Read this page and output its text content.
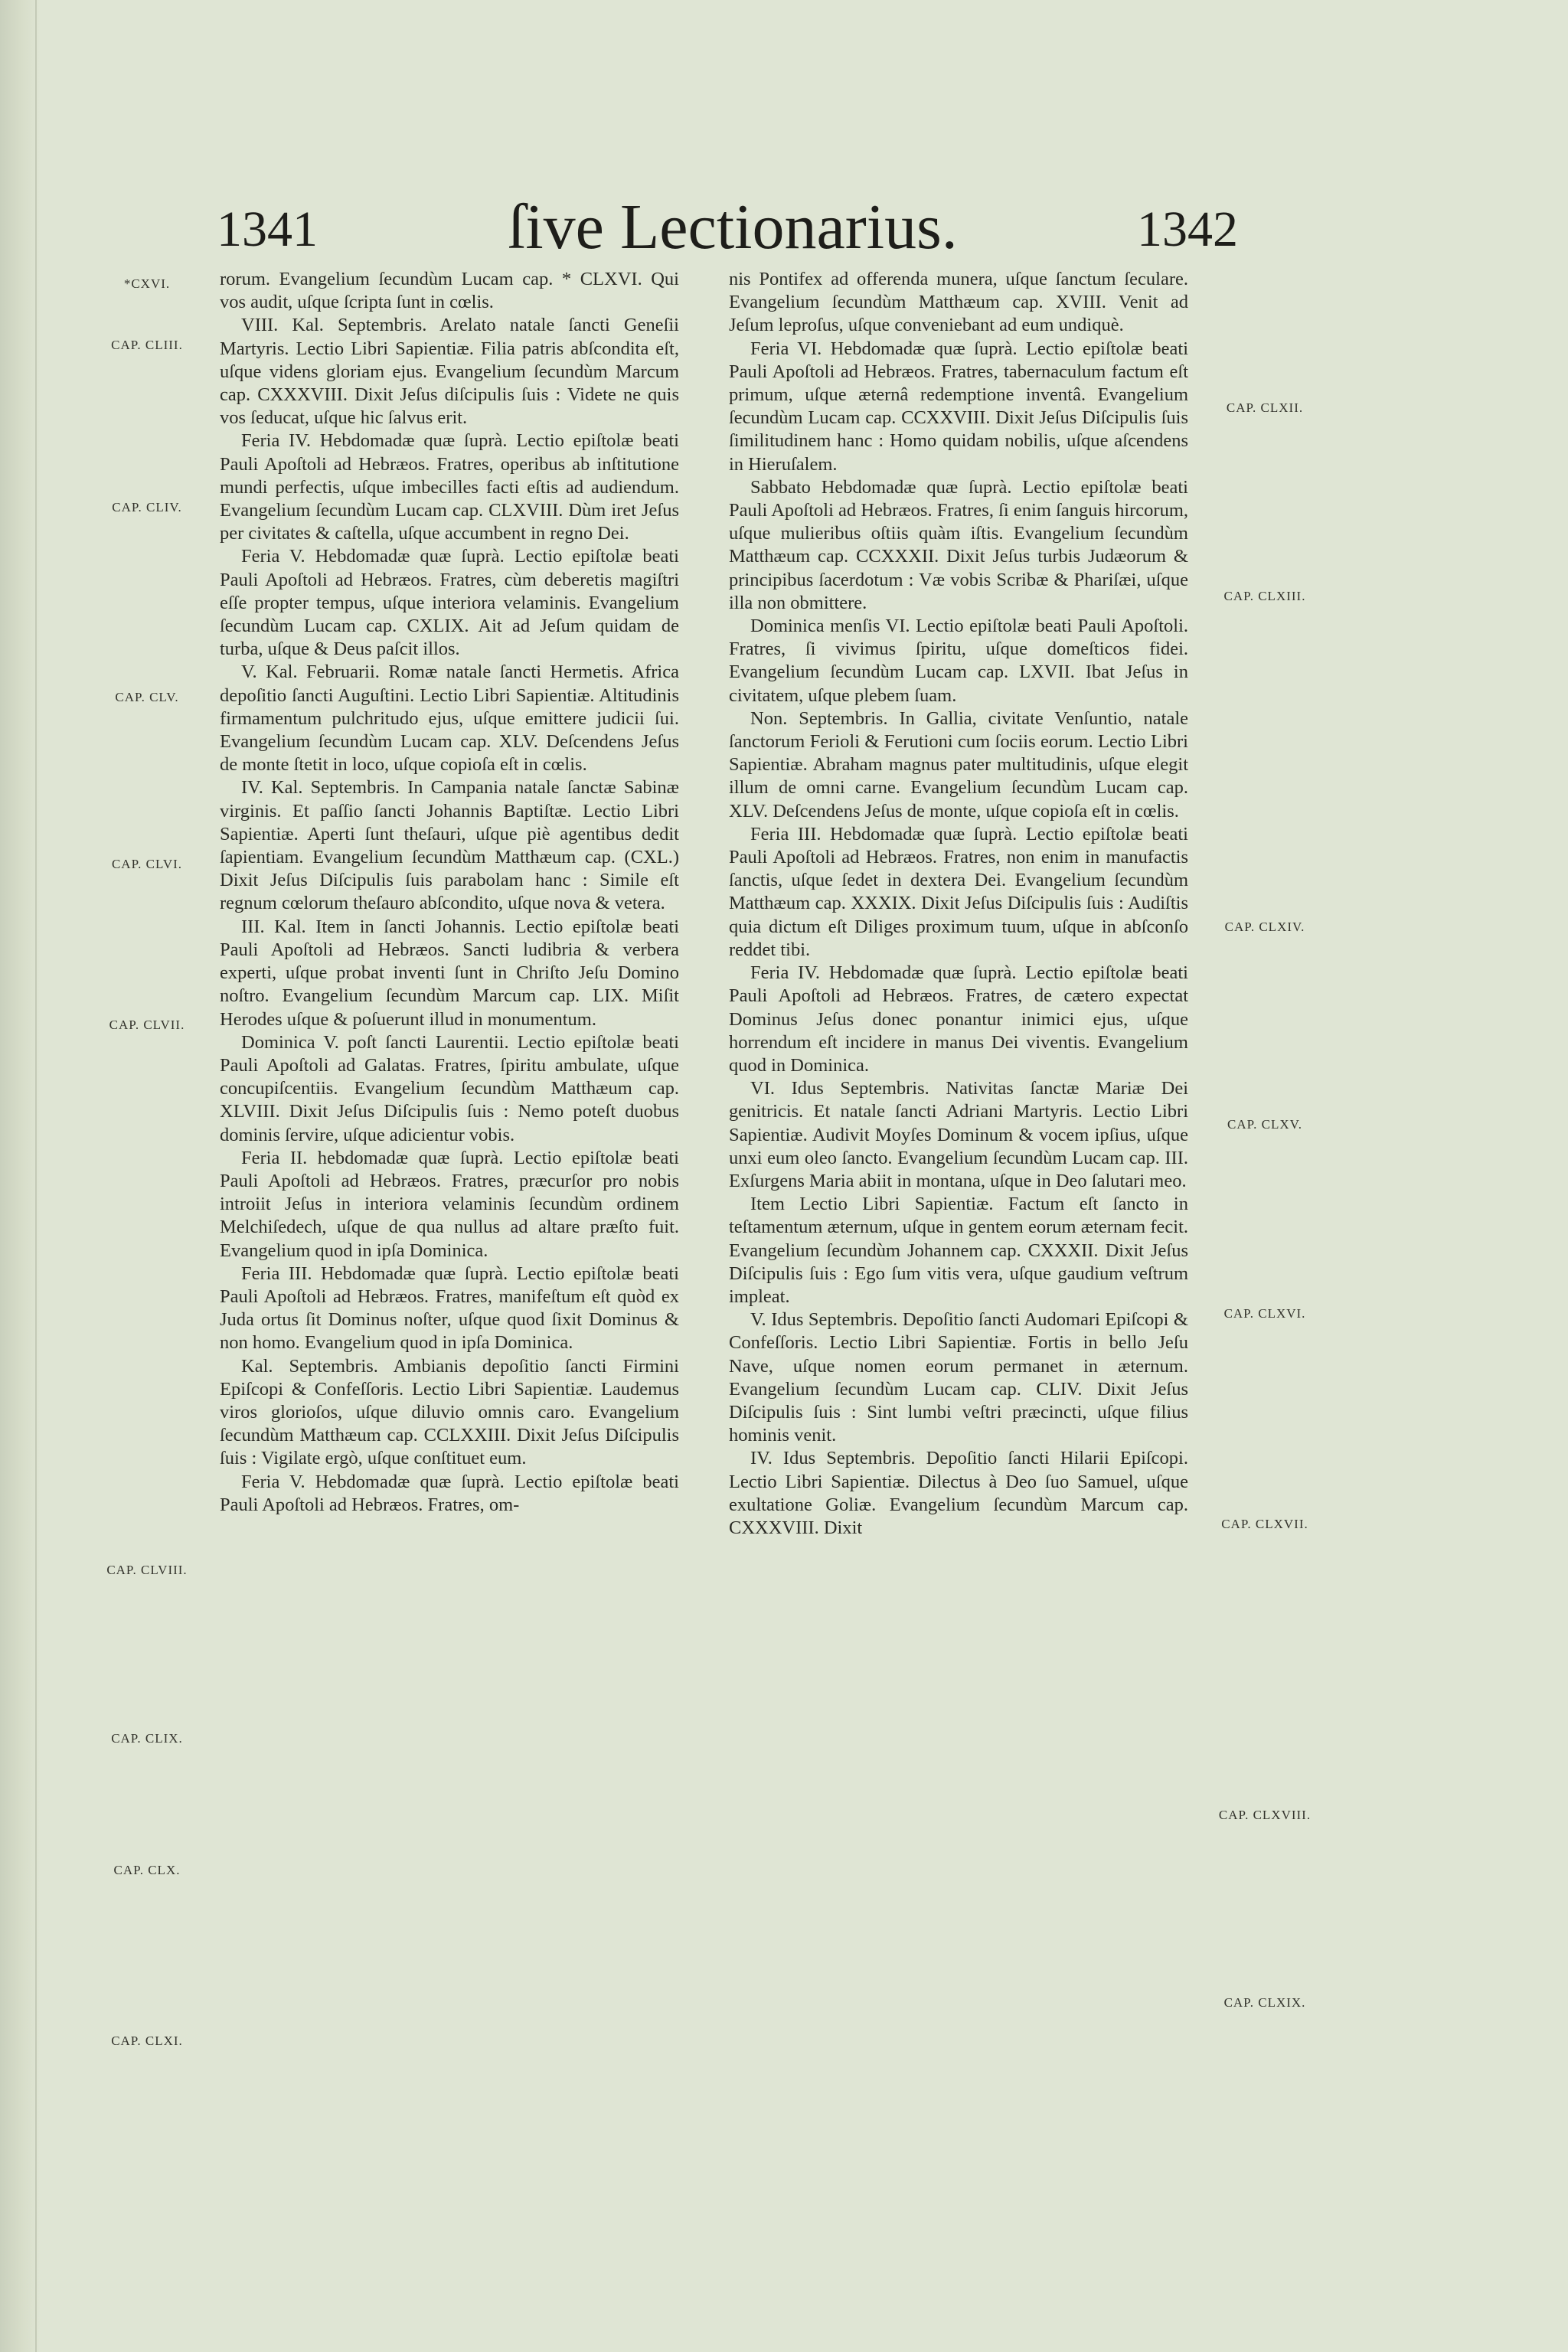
1341	ſive Lectionarius.	1342
*CXVI.
CAP. CLIII.
CAP. CLIV.
CAP. CLV.
CAP. CLVI.
CAP. CLVII.
CAP. CLVIII.
CAP. CLIX.
CAP. CLX.
CAP. CLXI.
CAP. CLXII.
CAP. CLXIII.
CAP. CLXIV.
CAP. CLXV.
CAP. CLXVI.
CAP. CLXVII.
CAP. CLXVIII.
CAP. CLXIX.

rorum. Evangelium ſecundùm Lucam cap. * CLXVI. Qui vos audit, uſque ſcripta ſunt in cœlis.

VIII. Kal. Septembris. Arelato natale ſancti Geneſii Martyris. Lectio Libri Sapientiæ. Filia patris abſcondita eſt, uſque videns gloriam ejus. Evangelium ſecundùm Marcum cap. CXXXVIII. Dixit Jeſus diſcipulis ſuis : Videte ne quis vos ſeducat, uſque hic ſalvus erit.

Feria IV. Hebdomadæ quæ ſuprà. Lectio epiſtolæ beati Pauli Apoſtoli ad Hebræos. Fratres, operibus ab inſtitutione mundi perfectis, uſque imbecilles facti eſtis ad audiendum. Evangelium ſecundùm Lucam cap. CLXVIII. Dùm iret Jeſus per civitates & caſtella, uſque accumbent in regno Dei.

Feria V. Hebdomadæ quæ ſuprà. Lectio epiſtolæ beati Pauli Apoſtoli ad Hebræos. Fratres, cùm deberetis magiſtri eſſe propter tempus, uſque interiora velaminis. Evangelium ſecundùm Lucam cap. CXLIX. Ait ad Jeſum quidam de turba, uſque & Deus paſcit illos.

V. Kal. Februarii. Romæ natale ſancti Hermetis. Africa depoſitio ſancti Auguſtini. Lectio Libri Sapientiæ. Altitudinis firmamentum pulchritudo ejus, uſque emittere judicii ſui. Evangelium ſecundùm Lucam cap. XLV. Deſcendens Jeſus de monte ſtetit in loco, uſque copioſa eſt in cœlis.

IV. Kal. Septembris. In Campania natale ſanctæ Sabinæ virginis. Et paſſio ſancti Johannis Baptiſtæ. Lectio Libri Sapientiæ. Aperti ſunt theſauri, uſque piè agentibus dedit ſapientiam. Evangelium ſecundùm Matthæum cap. (CXL.) Dixit Jeſus Diſcipulis ſuis parabolam hanc : Simile eſt regnum cœlorum theſauro abſcondito, uſque nova & vetera.

III. Kal. Item in ſancti Johannis. Lectio epiſtolæ beati Pauli Apoſtoli ad Hebræos. Sancti ludibria & verbera experti, uſque probat inventi ſunt in Chriſto Jeſu Domino noſtro. Evangelium ſecundùm Marcum cap. LIX. Miſit Herodes uſque & poſuerunt illud in monumentum.

Dominica V. poſt ſancti Laurentii. Lectio epiſtolæ beati Pauli Apoſtoli ad Galatas. Fratres, ſpiritu ambulate, uſque concupiſcentiis. Evangelium ſecundùm Matthæum cap. XLVIII. Dixit Jeſus Diſcipulis ſuis : Nemo poteſt duobus dominis ſervire, uſque adicientur vobis.

Feria II. hebdomadæ quæ ſuprà. Lectio epiſtolæ beati Pauli Apoſtoli ad Hebræos. Fratres, præcurſor pro nobis introiit Jeſus in interiora velaminis ſecundùm ordinem Melchiſedech, uſque de qua nullus ad altare præſto fuit. Evangelium quod in ipſa Dominica.

Feria III. Hebdomadæ quæ ſuprà. Lectio epiſtolæ beati Pauli Apoſtoli ad Hebræos. Fratres, manifeſtum eſt quòd ex Juda ortus ſit Dominus noſter, uſque quod ſixit Dominus & non homo. Evangelium quod in ipſa Dominica.

Kal. Septembris. Ambianis depoſitio ſancti Firmini Epiſcopi & Confeſſoris. Lectio Libri Sapientiæ. Laudemus viros glorioſos, uſque diluvio omnis caro. Evangelium ſecundùm Matthæum cap. CCLXXIII. Dixit Jeſus Diſcipulis ſuis : Vigilate ergò, uſque conſtituet eum.

Feria V. Hebdomadæ quæ ſuprà. Lectio epiſtolæ beati Pauli Apoſtoli ad Hebræos. Fratres, om-

nis Pontifex ad offerenda munera, uſque ſanctum ſeculare. Evangelium ſecundùm Matthæum cap. XVIII. Venit ad Jeſum leproſus, uſque conveniebant ad eum undiquè.

Feria VI. Hebdomadæ quæ ſuprà. Lectio epiſtolæ beati Pauli Apoſtoli ad Hebræos. Fratres, tabernaculum factum eſt primum, uſque æternâ redemptione inventâ. Evangelium ſecundùm Lucam cap. CCXXVIII. Dixit Jeſus Diſcipulis ſuis ſimilitudinem hanc : Homo quidam nobilis, uſque aſcendens in Hieruſalem.

Sabbato Hebdomadæ quæ ſuprà. Lectio epiſtolæ beati Pauli Apoſtoli ad Hebræos. Fratres, ſi enim ſanguis hircorum, uſque mulieribus oſtiis quàm iſtis. Evangelium ſecundùm Matthæum cap. CCXXXII. Dixit Jeſus turbis Judæorum & principibus ſacerdotum : Væ vobis Scribæ & Phariſæi, uſque illa non obmittere.

Dominica menſis VI. Lectio epiſtolæ beati Pauli Apoſtoli. Fratres, ſi vivimus ſpiritu, uſque domeſticos fidei. Evangelium ſecundùm Lucam cap. LXVII. Ibat Jeſus in civitatem, uſque plebem ſuam.

Non. Septembris. In Gallia, civitate Venſuntio, natale ſanctorum Ferioli & Ferutioni cum ſociis eorum. Lectio Libri Sapientiæ. Abraham magnus pater multitudinis, uſque elegit illum de omni carne. Evangelium ſecundùm Lucam cap. XLV. Deſcendens Jeſus de monte, uſque copioſa eſt in cœlis.

Feria III. Hebdomadæ quæ ſuprà. Lectio epiſtolæ beati Pauli Apoſtoli ad Hebræos. Fratres, non enim in manufactis ſanctis, uſque ſedet in dextera Dei. Evangelium ſecundùm Matthæum cap. XXXIX. Dixit Jeſus Diſcipulis ſuis : Audiſtis quia dictum eſt Diliges proximum tuum, uſque in abſconſo reddet tibi.

Feria IV. Hebdomadæ quæ ſuprà. Lectio epiſtolæ beati Pauli Apoſtoli ad Hebræos. Fratres, de cætero expectat Dominus Jeſus donec ponantur inimici ejus, uſque horrendum eſt incidere in manus Dei viventis. Evangelium quod in Dominica.

VI. Idus Septembris. Nativitas ſanctæ Mariæ Dei genitricis. Et natale ſancti Adriani Martyris. Lectio Libri Sapientiæ. Audivit Moyſes Dominum & vocem ipſius, uſque unxi eum oleo ſancto. Evangelium ſecundùm Lucam cap. III. Exſurgens Maria abiit in montana, uſque in Deo ſalutari meo.

Item Lectio Libri Sapientiæ. Factum eſt ſancto in teſtamentum æternum, uſque in gentem eorum æternam fecit. Evangelium ſecundùm Johannem cap. CXXXII. Dixit Jeſus Diſcipulis ſuis : Ego ſum vitis vera, uſque gaudium veſtrum impleat.

V. Idus Septembris. Depoſitio ſancti Audomari Epiſcopi & Confeſſoris. Lectio Libri Sapientiæ. Fortis in bello Jeſu Nave, uſque nomen eorum permanet in æternum. Evangelium ſecundùm Lucam cap. CLIV. Dixit Jeſus Diſcipulis ſuis : Sint lumbi veſtri præcincti, uſque filius hominis venit.

IV. Idus Septembris. Depoſitio ſancti Hilarii Epiſcopi. Lectio Libri Sapientiæ. Dilectus à Deo ſuo Samuel, uſque exultatione Goliæ. Evangelium ſecundùm Marcum cap. CXXXVIII. Dixit
